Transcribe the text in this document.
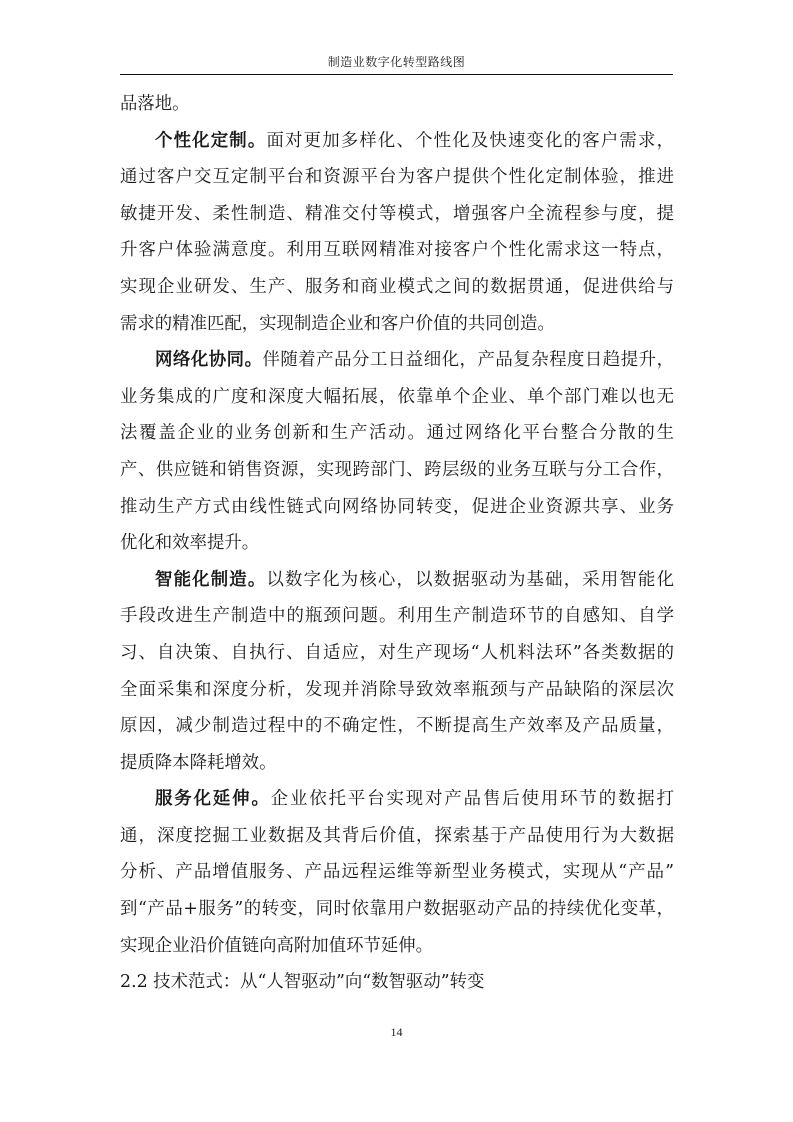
制造业数字化转型路线图

品落地。

个性化定制。面对更加多样化、个性化及快速变化的客户需求，
通过客户交互定制平台和资源平台为客户提供个性化定制体验，推进
敏捷开发、柔性制造、精准交付等模式，增强客户全流程参与度，提
升客户体验满意度。利用互联网精准对接客户个性化需求这一特点，
实现企业研发、生产、服务和商业模式之间的数据贯通，促进供给与
需求的精准匹配，实现制造企业和客户价值的共同创造。

网络化协同。伴随着产品分工日益细化，产品复杂程度日趋提升，
业务集成的广度和深度大幅拓展，依靠单个企业、单个部门难以也无
法覆盖企业的业务创新和生产活动。通过网络化平台整合分散的生
产、供应链和销售资源，实现跨部门、跨层级的业务互联与分工合作，
推动生产方式由线性链式向网络协同转变，促进企业资源共享、业务
优化和效率提升。

智能化制造。以数字化为核心，以数据驱动为基础，采用智能化
手段改进生产制造中的瓶颈问题。利用生产制造环节的自感知、自学
习、自决策、自执行、自适应，对生产现场“人机料法环”各类数据的
全面采集和深度分析，发现并消除导致效率瓶颈与产品缺陷的深层次
原因，减少制造过程中的不确定性，不断提高生产效率及产品质量，
提质降本降耗增效。

服务化延伸。企业依托平台实现对产品售后使用环节的数据打
通，深度挖掘工业数据及其背后价值，探索基于产品使用行为大数据
分析、产品增值服务、产品远程运维等新型业务模式，实现从“产品”
到“产品+服务”的转变，同时依靠用户数据驱动产品的持续优化变革，
实现企业沿价值链向高附加值环节延伸。

2.2 技术范式：从“人智驱动”向“数智驱动”转变
14
